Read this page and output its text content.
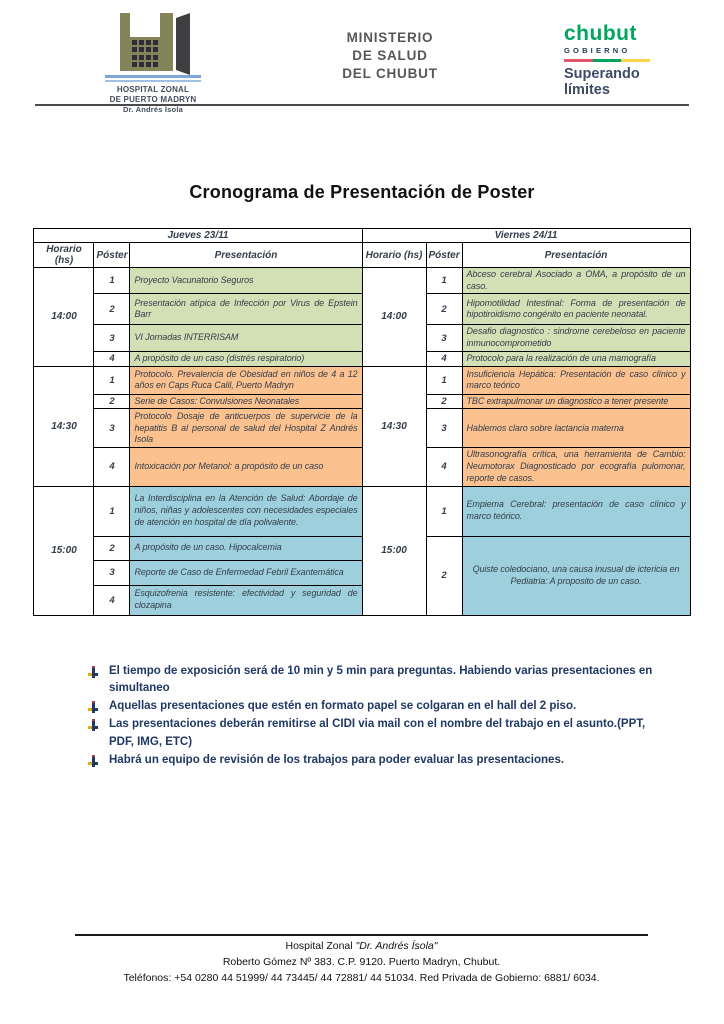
HOSPITAL ZONAL
DE PUERTO MADRYN
Dr. Andrés Ísola
MINISTERIO
DE SALUD
DEL CHUBUT
chubut
GOBIERNO
Superando
límites
Cronograma de Presentación de Poster
Jueves 23/11			Viernes 24/11		
Horario (hs)	Póster	Presentación	Horario (hs)	Póster	Presentación
14:00	1	Proyecto Vacunatorio Seguros	14:00	1	Abceso cerebral Asociado a OMA, a propósito de un caso.
	2	Presentación atípica de Infección por Virus de Epstein Barr		2	Hipomotilidad Intestinal: Forma de presentación de hipotiroidismo congénito en paciente neonatal.
	3	VI Jornadas INTERRISAM		3	Desafio diagnostico : sindrome cerebeloso en paciente inmunocomprometido
	4	A propósito de un caso (distrés respiratorio)		4	Protocolo para la realización de una mamografía
14:30	1	Protocolo. Prevalencia de Obesidad en niños de 4 a 12 años en Caps Ruca Calil, Puerto Madryn	14:30	1	Insuficiencia Hepática: Presentación de caso clínico y marco teórico
	2	Serie de Casos: Convulsiones Neonatales		2	TBC extrapulmonar un diagnostico a tener presente
	3	Protocolo Dosaje de anticuerpos de supervicie de la hepatitis B al personal de salud del Hospital Z Andrés Isola		3	Hablemos claro sobre lactancia materna
	4	Intoxicación por Metanol: a propósito de un caso		4	Ultrasonografía crítica, una herramienta de Cambio: Neumotorax Diagnosticado por ecografía pulomonar, reporte de casos.
15:00	1	La Interdisciplina en la Atención de Salud: Abordaje de niños, niñas y adolescentes con necesidades especiales de atención en hospital de día polivalente.	15:00	1	Empiema Cerebral: presentación de caso clínico y marco teórico.
	2	A propósito de un caso. Hipocalcemia		2	Quiste coledociano, una causa inusual de ictericia en Pediatria: A proposito de un caso.
	3	Reporte de Caso de Enfermedad Febril Exantemática			
	4	Esquizofrenia resistente: efectividad y seguridad de clozapina			
El tiempo de exposición será de 10 min y 5 min para preguntas. Habiendo varias presentaciones en simultaneo
Aquellas presentaciones que estén en formato papel se colgaran en el hall del 2 piso.
Las presentaciones deberán remitirse al CIDI via mail con el nombre del trabajo en el asunto.(PPT, PDF, IMG, ETC)
Habrá un equipo de revisión de los trabajos para poder evaluar las presentaciones.
Hospital Zonal "Dr. Andrés Ísola"
Roberto Gómez Nº 383. C.P. 9120. Puerto Madryn, Chubut.
Teléfonos: +54 0280 44 51999/ 44 73445/ 44 72881/ 44 51034. Red Privada de Gobierno: 6881/ 6034.
